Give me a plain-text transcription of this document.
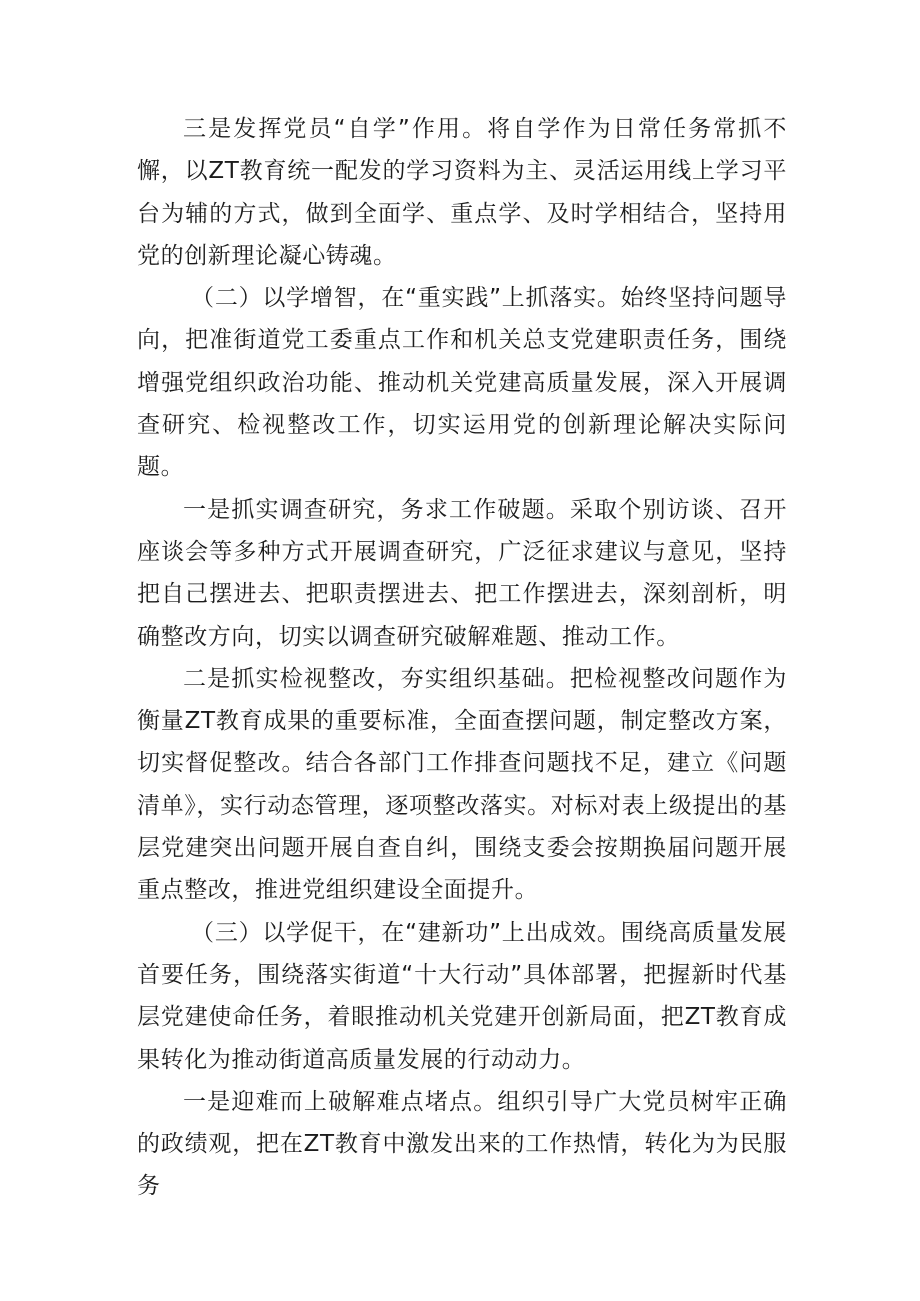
三是发挥党员“自学”作用。将自学作为日常任务常抓不懈，以ZT教育统一配发的学习资料为主、灵活运用线上学习平台为辅的方式，做到全面学、重点学、及时学相结合，坚持用党的创新理论凝心铸魂。

（二）以学增智，在“重实践”上抓落实。始终坚持问题导向，把准街道党工委重点工作和机关总支党建职责任务，围绕增强党组织政治功能、推动机关党建高质量发展，深入开展调查研究、检视整改工作，切实运用党的创新理论解决实际问题。

一是抓实调查研究，务求工作破题。采取个别访谈、召开座谈会等多种方式开展调查研究，广泛征求建议与意见，坚持把自己摆进去、把职责摆进去、把工作摆进去，深刻剖析，明确整改方向，切实以调查研究破解难题、推动工作。

二是抓实检视整改，夯实组织基础。把检视整改问题作为衡量ZT教育成果的重要标准，全面查摆问题，制定整改方案，切实督促整改。结合各部门工作排查问题找不足，建立《问题清单》，实行动态管理，逐项整改落实。对标对表上级提出的基层党建突出问题开展自查自纠，围绕支委会按期换届问题开展重点整改，推进党组织建设全面提升。

（三）以学促干，在“建新功”上出成效。围绕高质量发展首要任务，围绕落实街道“十大行动”具体部署，把握新时代基层党建使命任务，着眼推动机关党建开创新局面，把ZT教育成果转化为推动街道高质量发展的行动动力。

一是迎难而上破解难点堵点。组织引导广大党员树牢正确的政绩观，把在ZT教育中激发出来的工作热情，转化为为民服务
